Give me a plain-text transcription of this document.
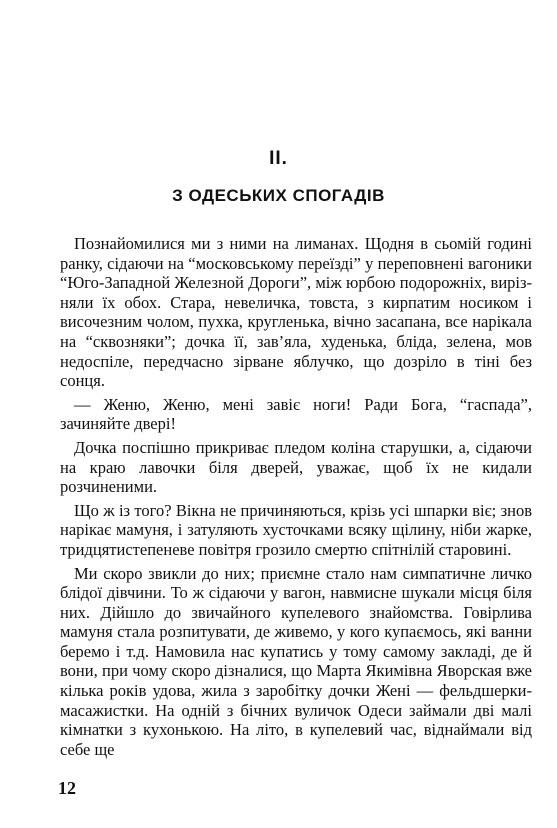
II.
З ОДЕСЬКИХ СПОГАДІВ

Познайомилися ми з ними на лиманах. Щодня в сьомій годині ранку, сідаючи на “московському переїзді” у переповнені вагоники “Юго-Западной Железной Дороги”, між юрбою подорожніх, вирізняли їх обох. Стара, невеличка, товста, з кирпатим носиком і височезним чолом, пухка, кругленька, вічно засапана, все нарікала на “сквозняки”; дочка її, зав’яла, худенька, бліда, зелена, мов недоспіле, передчасно зірване яблучко, що дозріло в тіні без сонця.

— Женю, Женю, мені завіє ноги! Ради Бога, “гаспада”, зачиняйте двері!

Дочка поспішно прикриває пледом коліна старушки, а, сідаючи на краю лавочки біля дверей, уважає, щоб їх не кидали розчиненими.

Що ж із того? Вікна не причиняються, крізь усі шпарки віє; знов нарікає мамуня, і затуляють хусточками всяку щілину, ніби жарке, тридцятистепеневе повітря грозило смертю спітнілій старовині.

Ми скоро звикли до них; приємне стало нам симпатичне личко блідої дівчини. То ж сідаючи у вагон, навмисне шукали місця біля них. Дійшло до звичайного купелевого знайомства. Говірлива мамуня стала розпитувати, де живемо, у кого купаємось, які ванни беремо і т.д. Намовила нас купатись у тому самому закладі, де й вони, при чому скоро дізналися, що Марта Якимівна Яворская вже кілька років удова, жила з заробітку дочки Жені — фельдшерки-масажистки. На одній з бічних вуличок Одеси займали дві малі кімнатки з кухонькою. На літо, в купелевий час, віднаймали від себе ще

12
